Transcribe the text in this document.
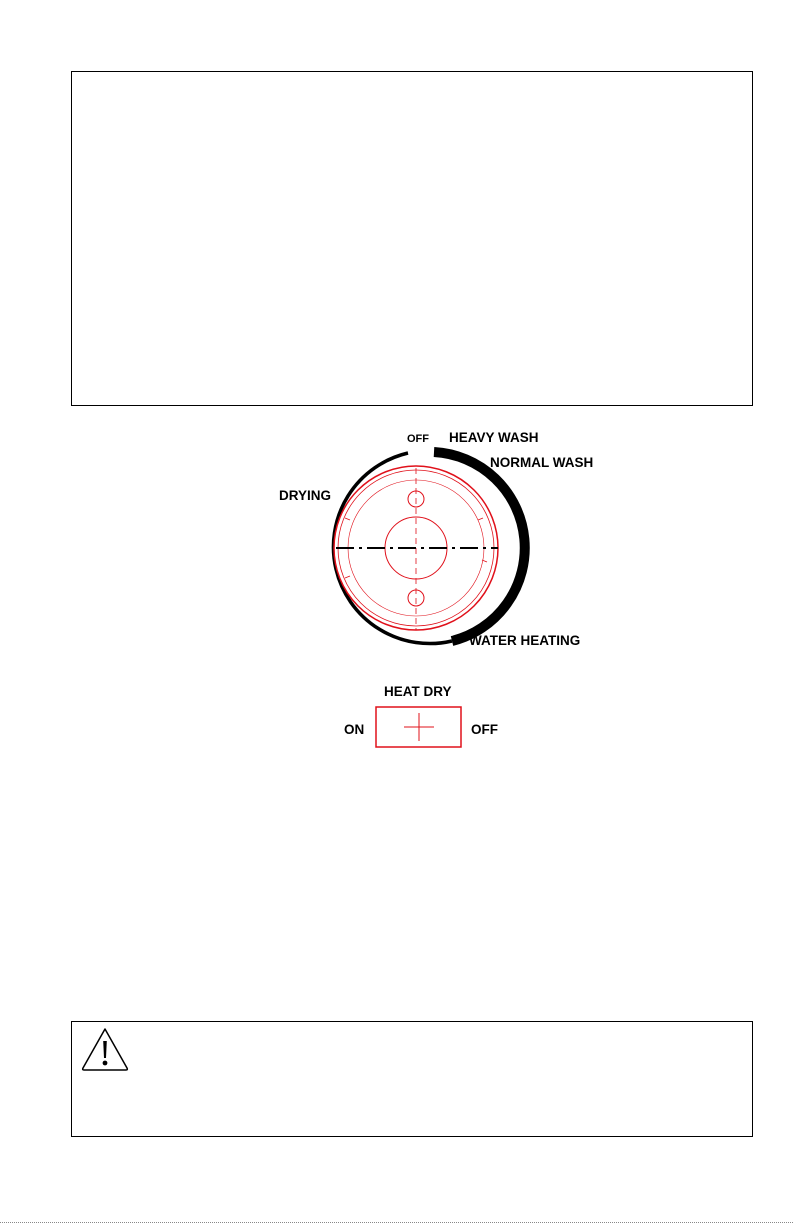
OFF HEAVY WASH
NORMAL WASH
DRYING
WATER HEATING
HEAT DRY
ON	OFF
